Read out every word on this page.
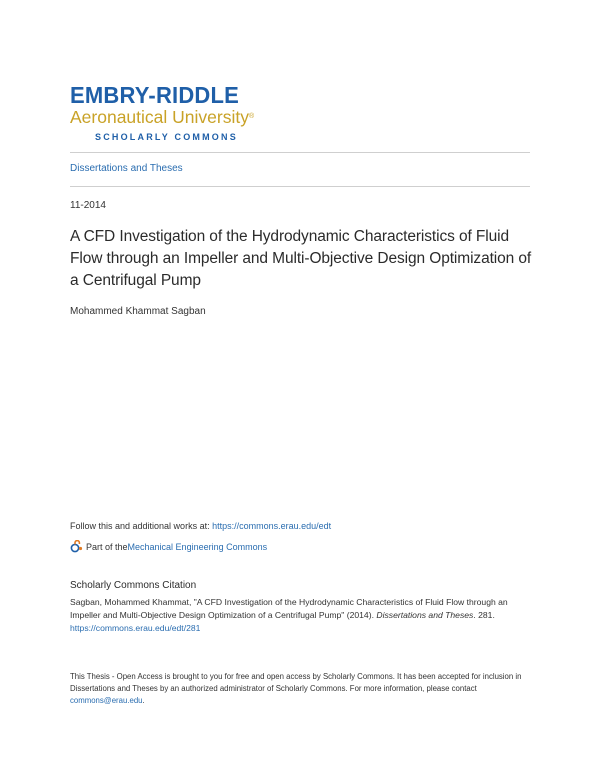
EMBRY-RIDDLE
Aeronautical University®
SCHOLARLY COMMONS
Dissertations and Theses
11-2014
A CFD Investigation of the Hydrodynamic Characteristics of Fluid Flow through an Impeller and Multi-Objective Design Optimization of a Centrifugal Pump
Mohammed Khammat Sagban
Follow this and additional works at: https://commons.erau.edu/edt
Part of the Mechanical Engineering Commons
Scholarly Commons Citation
Sagban, Mohammed Khammat, "A CFD Investigation of the Hydrodynamic Characteristics of Fluid Flow through an Impeller and Multi-Objective Design Optimization of a Centrifugal Pump" (2014). Dissertations and Theses. 281.
https://commons.erau.edu/edt/281
This Thesis - Open Access is brought to you for free and open access by Scholarly Commons. It has been accepted for inclusion in Dissertations and Theses by an authorized administrator of Scholarly Commons. For more information, please contact commons@erau.edu.
